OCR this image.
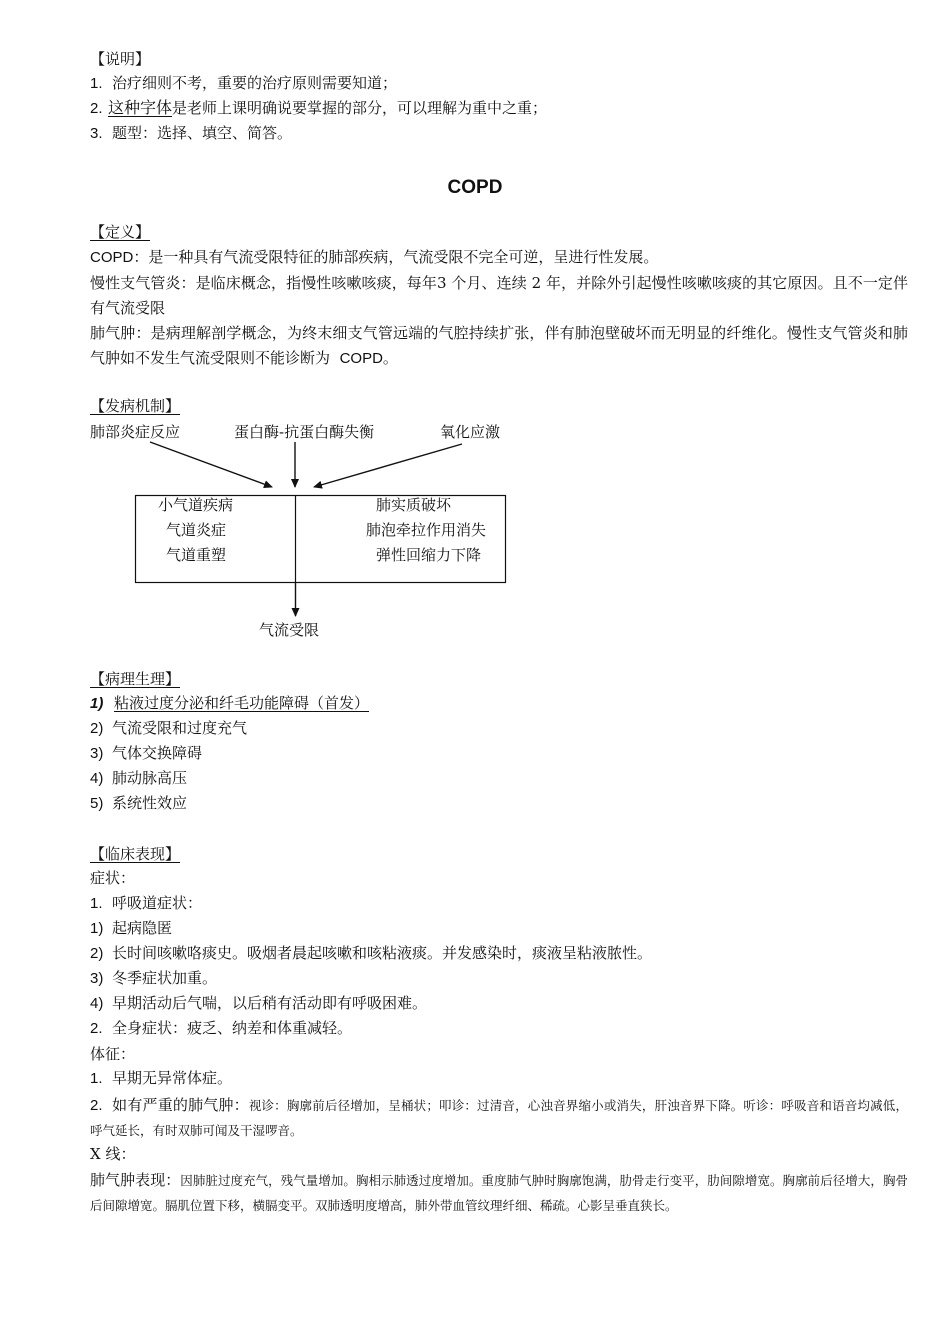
【说明】
1. 治疗细则不考，重要的治疗原则需要知道；
2. 这种字体是老师上课明确说要掌握的部分，可以理解为重中之重；
3. 题型：选择、填空、简答。
COPD
【定义】
COPD：是一种具有气流受限特征的肺部疾病，气流受限不完全可逆，呈进行性发展。
慢性支气管炎：是临床概念，指慢性咳嗽咳痰，每年3 个月、连续 2 年，并除外引起慢性咳嗽咳痰的其它原因。且不一定伴有气流受限
肺气肿：是病理解剖学概念，为终末细支气管远端的气腔持续扩张，伴有肺泡壁破坏而无明显的纤维化。慢性支气管炎和肺气肿如不发生气流受限则不能诊断为 COPD。
【发病机制】
肺部炎症反应	蛋白酶-抗蛋白酶失衡	氧化应激
小气道疾病
气道炎症
气道重塑
肺实质破坏
肺泡牵拉作用消失
弹性回缩力下降
气流受限
【病理生理】
1) 粘液过度分泌和纤毛功能障碍（首发）
2) 气流受限和过度充气
3) 气体交换障碍
4) 肺动脉高压
5) 系统性效应
【临床表现】
症状：
1. 呼吸道症状：
1) 起病隐匿
2) 长时间咳嗽咯痰史。吸烟者晨起咳嗽和咳粘液痰。并发感染时，痰液呈粘液脓性。
3) 冬季症状加重。
4) 早期活动后气喘，以后稍有活动即有呼吸困难。
2. 全身症状：疲乏、纳差和体重减轻。
体征：
1. 早期无异常体症。
2. 如有严重的肺气肿：视诊：胸廓前后径增加，呈桶状；叩诊：过清音，心浊音界缩小或消失，肝浊音界下降。听诊：呼吸音和语音均减低，呼气延长，有时双肺可闻及干湿啰音。
X 线：
肺气肿表现：因肺脏过度充气，残气量增加。胸相示肺透过度增加。重度肺气肿时胸廓饱满，肋骨走行变平，肋间隙增宽。胸廓前后径增大，胸骨后间隙增宽。膈肌位置下移，横膈变平。双肺透明度增高，肺外带血管纹理纤细、稀疏。心影呈垂直狭长。
